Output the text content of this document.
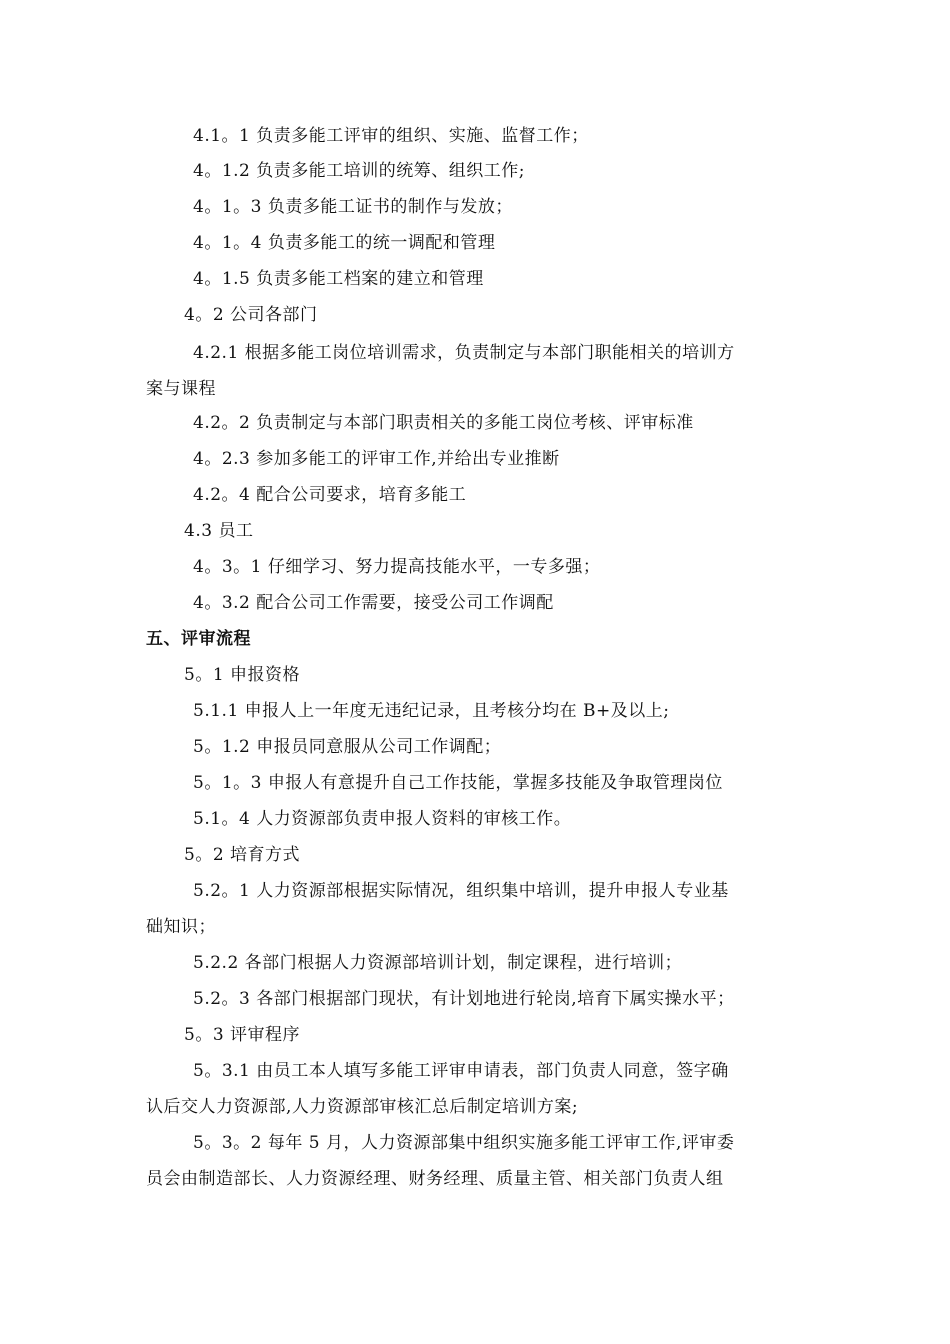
4.1。1 负责多能工评审的组织、实施、监督工作；
4。1.2 负责多能工培训的统筹、组织工作;
4。1。3 负责多能工证书的制作与发放；
4。1。4 负责多能工的统一调配和管理
4。1.5 负责多能工档案的建立和管理
4。2 公司各部门
4.2.1 根据多能工岗位培训需求，负责制定与本部门职能相关的培训方
案与课程
4.2。2 负责制定与本部门职责相关的多能工岗位考核、评审标准
4。2.3 参加多能工的评审工作,并给出专业推断
4.2。4 配合公司要求，培育多能工
4.3 员工
4。3。1 仔细学习、努力提高技能水平，一专多强；
4。3.2 配合公司工作需要，接受公司工作调配
五、评审流程
5。1 申报资格
5.1.1 申报人上一年度无违纪记录，且考核分均在 B+及以上;
5。1.2 申报员同意服从公司工作调配；
5。1。3 申报人有意提升自己工作技能，掌握多技能及争取管理岗位
5.1。4 人力资源部负责申报人资料的审核工作。
5。2 培育方式
5.2。1 人力资源部根据实际情况，组织集中培训，提升申报人专业基
础知识；
5.2.2 各部门根据人力资源部培训计划，制定课程，进行培训；
5.2。3 各部门根据部门现状，有计划地进行轮岗,培育下属实操水平；
5。3 评审程序
5。3.1 由员工本人填写多能工评审申请表，部门负责人同意，签字确
认后交人力资源部,人力资源部审核汇总后制定培训方案;
5。3。2 每年 5 月，人力资源部集中组织实施多能工评审工作,评审委
员会由制造部长、人力资源经理、财务经理、质量主管、相关部门负责人组
